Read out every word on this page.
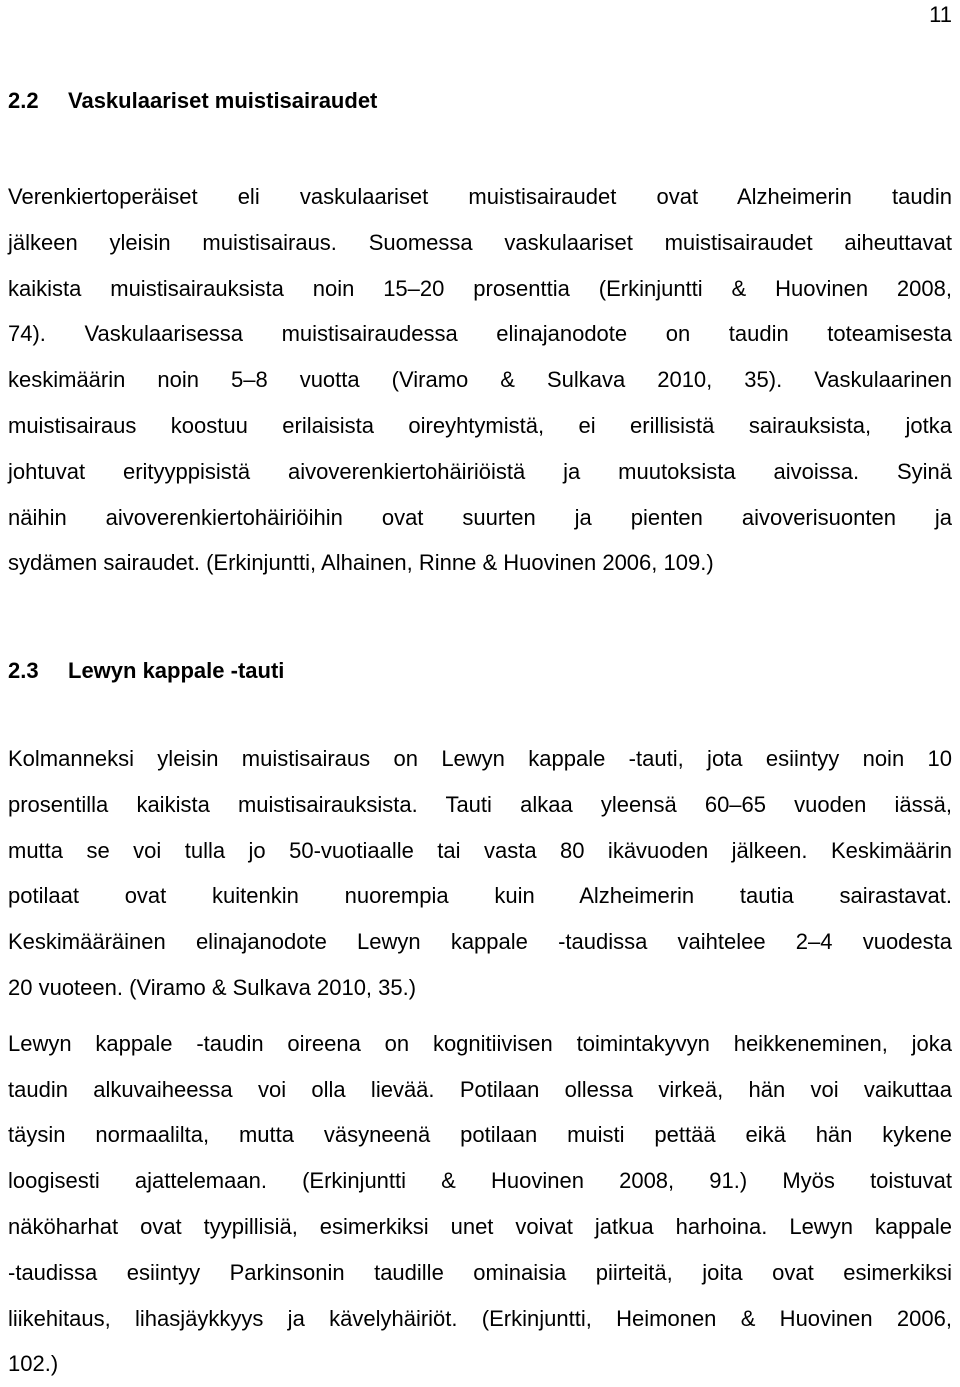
11
2.2 Vaskulaariset muistisairaudet

Verenkiertoperäiset eli vaskulaariset muistisairaudet ovat Alzheimerin taudin
jälkeen yleisin muistisairaus. Suomessa vaskulaariset muistisairaudet aiheuttavat
kaikista muistisairauksista noin 15–20 prosenttia (Erkinjuntti & Huovinen 2008,
74). Vaskulaarisessa muistisairaudessa elinajanodote on taudin toteamisesta
keskimäärin noin 5–8 vuotta (Viramo & Sulkava 2010, 35). Vaskulaarinen
muistisairaus koostuu erilaisista oireyhtymistä, ei erillisistä sairauksista, jotka
johtuvat erityyppisistä aivoverenkiertohäiriöistä ja muutoksista aivoissa. Syinä
näihin aivoverenkiertohäiriöihin ovat suurten ja pienten aivoverisuonten ja
sydämen sairaudet. (Erkinjuntti, Alhainen, Rinne & Huovinen 2006, 109.)

2.3 Lewyn kappale -tauti

Kolmanneksi yleisin muistisairaus on Lewyn kappale -tauti, jota esiintyy noin 10
prosentilla kaikista muistisairauksista. Tauti alkaa yleensä 60–65 vuoden iässä,
mutta se voi tulla jo 50-vuotiaalle tai vasta 80 ikävuoden jälkeen. Keskimäärin
potilaat ovat kuitenkin nuorempia kuin Alzheimerin tautia sairastavat.
Keskimääräinen elinajanodote Lewyn kappale -taudissa vaihtelee 2–4 vuodesta
20 vuoteen. (Viramo & Sulkava 2010, 35.)

Lewyn kappale -taudin oireena on kognitiivisen toimintakyvyn heikkeneminen, joka
taudin alkuvaiheessa voi olla lievää. Potilaan ollessa virkeä, hän voi vaikuttaa
täysin normaalilta, mutta väsyneenä potilaan muisti pettää eikä hän kykene
loogisesti ajattelemaan. (Erkinjuntti & Huovinen 2008, 91.) Myös toistuvat
näköharhat ovat tyypillisiä, esimerkiksi unet voivat jatkua harhoina. Lewyn kappale
-taudissa esiintyy Parkinsonin taudille ominaisia piirteitä, joita ovat esimerkiksi
liikehitaus, lihasjäykkyys ja kävelyhäiriöt. (Erkinjuntti, Heimonen & Huovinen 2006,
102.)
